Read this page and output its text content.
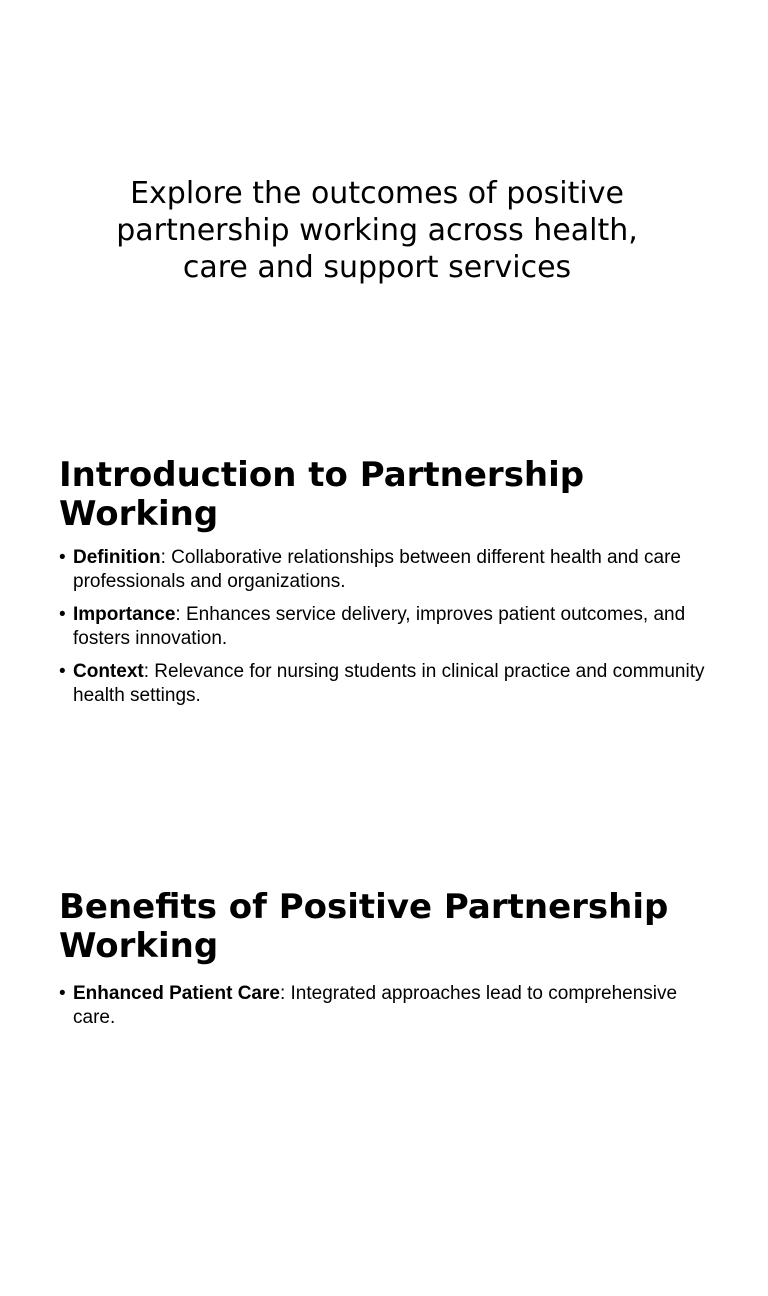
Explore the outcomes of positive partnership working across health, care and support services
Introduction to Partnership Working
• Definition: Collaborative relationships between different health and care professionals and organizations.
• Importance: Enhances service delivery, improves patient outcomes, and fosters innovation.
• Context: Relevance for nursing students in clinical practice and community health settings.
Benefits of Positive Partnership Working
• Enhanced Patient Care: Integrated approaches lead to comprehensive care.
